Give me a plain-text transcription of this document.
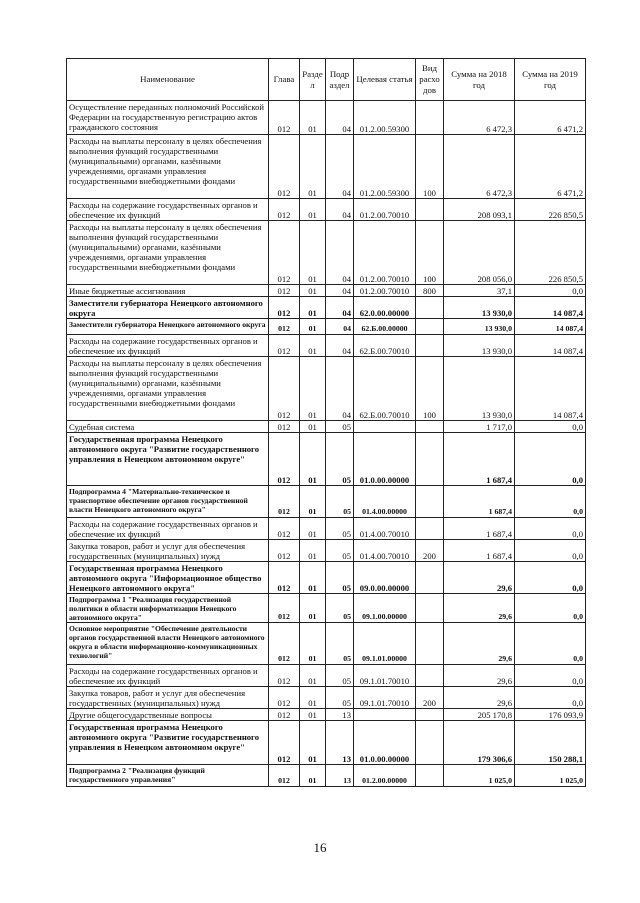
Наименование	Глава	Разде л	Подр аздел	Целевая статья	Вид расхо дов	Сумма на 2018 год	Сумма на 2019 год
Осуществление переданных полномочий Российской Федерации на государственную регистрацию актов гражданского состояния	012	01	04	01.2.00.59300		6 472,3	6 471,2
Расходы на выплаты персоналу в целях обеспечения выполнения функций государственными (муниципальными) органами, казёнными учреждениями, органами управления государственными внебюджетными фондами	012	01	04	01.2.00.59300	100	6 472,3	6 471,2
Расходы на содержание государственных органов и обеспечение их функций	012	01	04	01.2.00.70010		208 093,1	226 850,5
Расходы на выплаты персоналу в целях обеспечения выполнения функций государственными (муниципальными) органами, казёнными учреждениями, органами управления государственными внебюджетными фондами	012	01	04	01.2.00.70010	100	208 056,0	226 850,5
Иные бюджетные ассигнования	012	01	04	01.2.00.70010	800	37,1	0,0
Заместители губернатора Ненецкого автономного округа	012	01	04	62.0.00.00000		13 930,0	14 087,4
Заместители губернатора Ненецкого автономного округа	012	01	04	62.Б.00.00000		13 930,0	14 087,4
Расходы на содержание государственных органов и обеспечение их функций	012	01	04	62.Б.00.70010		13 930,0	14 087,4
Расходы на выплаты персоналу в целях обеспечения выполнения функций государственными (муниципальными) органами, казёнными учреждениями, органами управления государственными внебюджетными фондами	012	01	04	62.Б.00.70010	100	13 930,0	14 087,4
Судебная система	012	01	05			1 717,0	0,0
Государственная программа Ненецкого автономного округа "Развитие государственного управления в Ненецком автономном округе"	012	01	05	01.0.00.00000		1 687,4	0,0
Подпрограмма 4 "Материально-техническое и транспортное обеспечение органов государственной власти Ненецкого автономного округа"	012	01	05	01.4.00.00000		1 687,4	0,0
Расходы на содержание государственных органов и обеспечение их функций	012	01	05	01.4.00.70010		1 687,4	0,0
Закупка товаров, работ и услуг для обеспечения государственных (муниципальных) нужд	012	01	05	01.4.00.70010	200	1 687,4	0,0
Государственная программа Ненецкого автономного округа "Информационное общество Ненецкого автономного округа"	012	01	05	09.0.00.00000		29,6	0,0
Подпрограмма 1 "Реализация государственной политики в области информатизации Ненецкого автономного округа"	012	01	05	09.1.00.00000		29,6	0,0
Основное мероприятие "Обеспечение деятельности органов государственной власти Ненецкого автономного округа в области информационно-коммуникационных технологий"	012	01	05	09.1.01.00000		29,6	0,0
Расходы на содержание государственных органов и обеспечение их функций	012	01	05	09.1.01.70010		29,6	0,0
Закупка товаров, работ и услуг для обеспечения государственных (муниципальных) нужд	012	01	05	09.1.01.70010	200	29,6	0,0
Другие общегосударственные вопросы	012	01	13			205 170,8	176 093,9
Государственная программа Ненецкого автономного округа "Развитие государственного управления в Ненецком автономном округе"	012	01	13	01.0.00.00000		179 306,6	150 288,1
Подпрограмма 2 "Реализация функций государственного управления"	012	01	13	01.2.00.00000		1 025,0	1 025,0
16
